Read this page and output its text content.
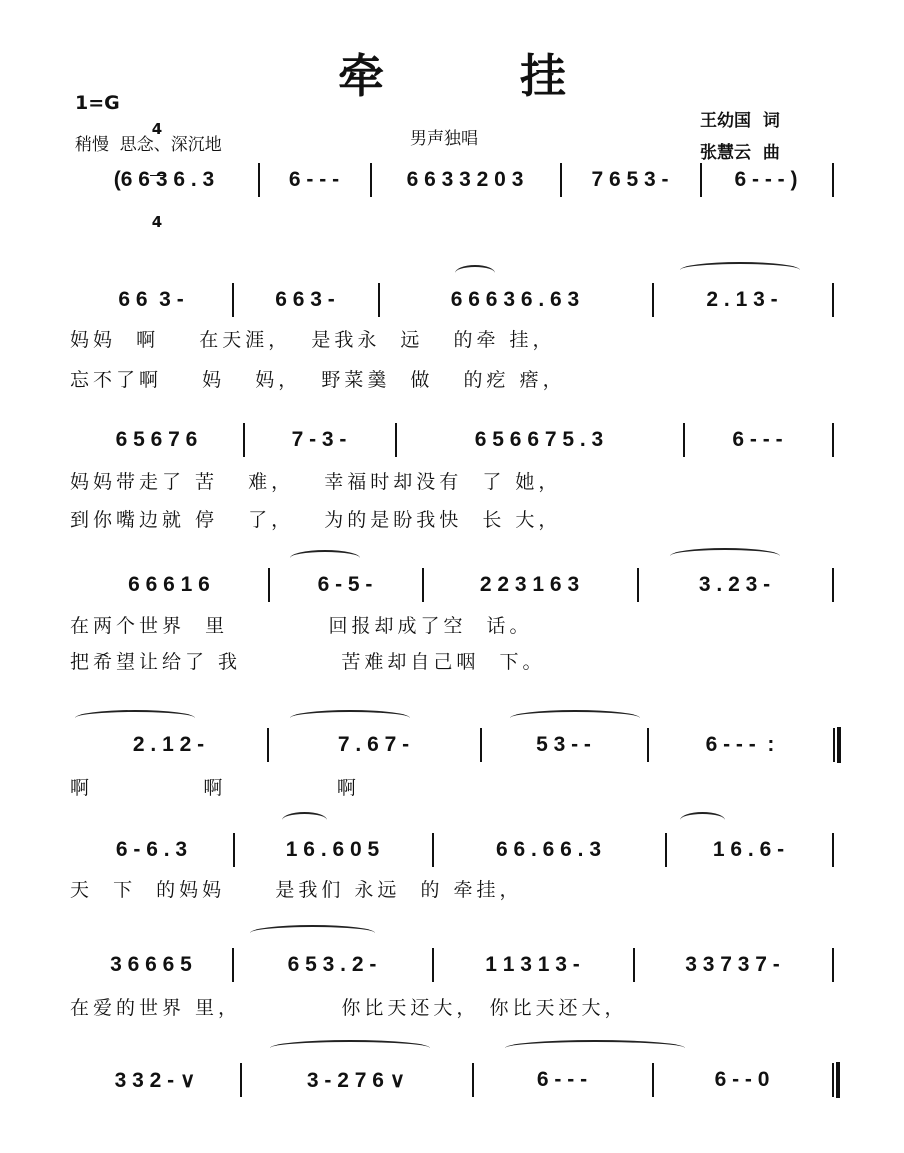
牵 挂
1=G

4

4

稍慢  思念、深沉地	男声独唱
王幼国  词
张慧云  曲
(6 6 3 6 . 3	6 - - -	6 6 3 3 2 0 3	7 6 5 3 -	6 - - - )
6 6  3 -	6 6 3 -	6 6 6 3 6 . 6 3	2 . 1 3 -
妈妈  啊    在天涯，  是我永  远   的牵 挂，
忘不了啊    妈   妈，  野菜羹  做   的疙 瘩，
6 5 6 7 6	7 - 3 -	6 5 6 6 7 5 . 3	6 - - -
妈妈带走了 苦   难，   幸福时却没有  了 她，
到你嘴边就 停   了，   为的是盼我快  长 大，
6 6 6 1 6	6 - 5 -	2 2 3 1 6 3	3 . 2 3 -
在两个世界  里          回报却成了空  话。
把希望让给了 我          苦难却自己咽  下。
2 . 1 2 -	7 . 6 7 -	5 3 - -	6 - - -  :
啊           啊           啊
6 - 6 . 3	1 6 . 6 0 5	6 6 . 6 6 . 3	1 6 . 6 -
天  下  的妈妈     是我们 永远  的 牵挂，
3 6 6 6 5	6 5 3 . 2 -	1 1 3 1 3 -	3 3 7 3 7 -
在爱的世界 里，          你比天还大， 你比天还大，
3 3 2 - ∨	3 - 2 7 6 ∨	6 - - -	6 - - 0
